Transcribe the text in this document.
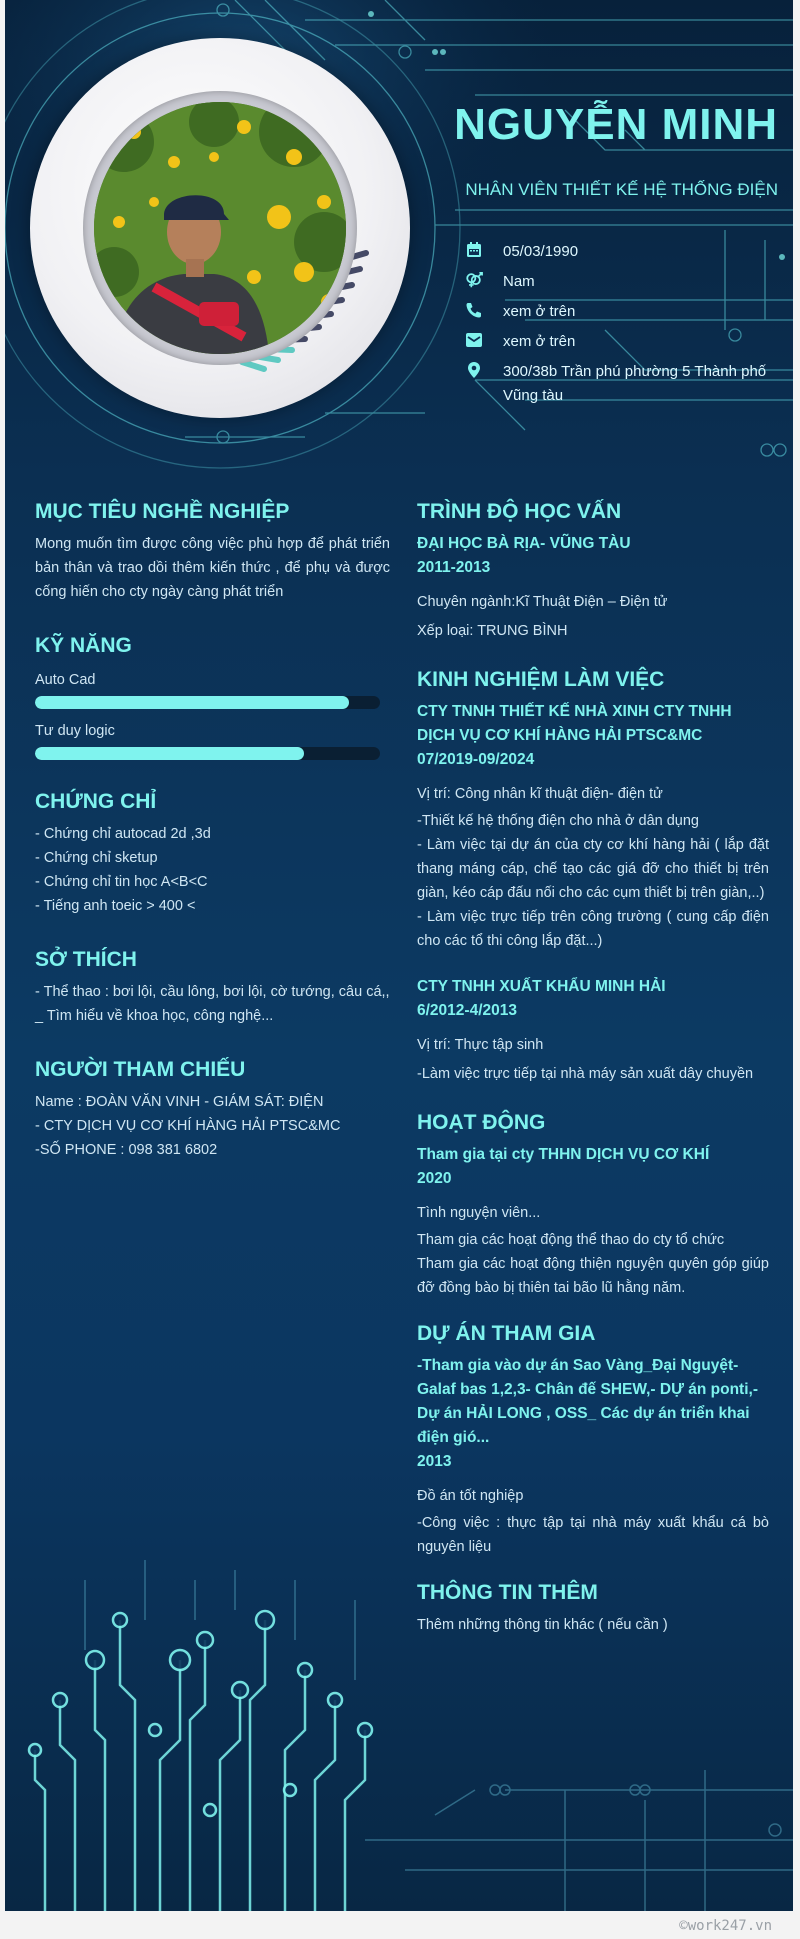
NGUYỄN MINH
NHÂN VIÊN THIẾT KẾ HỆ THỐNG ĐIỆN
05/03/1990
Nam
xem ở trên
xem ở trên
300/38b Trần phú phường 5 Thành phố Vũng tàu
MỤC TIÊU NGHỀ NGHIỆP
Mong muốn tìm được công việc phù hợp để phát triển bản thân và trao dồi thêm kiến thức , để phụ và được cống hiến cho cty ngày càng phát triển
KỸ NĂNG
Auto Cad
Tư duy logic
CHỨNG CHỈ
- Chứng chỉ autocad 2d ,3d
- Chứng chỉ sketup
- Chứng chỉ tin học A<B<C
- Tiếng anh toeic > 400 <
SỞ THÍCH
- Thể thao : bơi lội, cầu lông, bơi lội, cờ tướng, câu cá,,
_ Tìm hiểu về khoa học, công nghệ...
NGƯỜI THAM CHIẾU
Name : ĐOÀN VĂN VINH - GIÁM SÁT: ĐIỆN
- CTY DỊCH VỤ CƠ KHÍ HÀNG HẢI PTSC&MC
-SỐ PHONE : 098 381 6802
TRÌNH ĐỘ HỌC VẤN
ĐẠI HỌC BÀ RỊA- VŨNG TÀU
2011-2013
Chuyên ngành:Kĩ Thuật Điện – Điện tử
Xếp loại: TRUNG BÌNH
KINH NGHIỆM LÀM VIỆC
CTY TNNH THIẾT KẾ NHÀ XINH CTY TNHH DỊCH VỤ CƠ KHÍ HÀNG HẢI PTSC&MC
07/2019-09/2024
Vị trí: Công nhân kĩ thuật điện- điện tử
-Thiết kế hệ thống điện cho nhà ở dân dụng
- Làm việc tại dự án của cty cơ khí hàng hải ( lắp đặt thang máng cáp, chế tạo các giá đỡ cho thiết bị trên giàn, kéo cáp đấu nối cho các cụm thiết bị trên giàn,..)
- Làm việc trực tiếp trên công trường ( cung cấp điện cho các tổ thi công lắp đặt...)
CTY TNHH XUẤT KHẨU MINH HẢI
6/2012-4/2013
Vị trí: Thực tập sinh
-Làm việc trực tiếp tại nhà máy sản xuất dây chuyền
HOẠT ĐỘNG
Tham gia tại cty THHN DỊCH VỤ CƠ KHÍ
2020
Tình nguyện viên...
Tham gia các hoạt động thể thao do cty tổ chức
Tham gia các hoạt động thiện nguyện quyên góp giúp đỡ đồng bào bị thiên tai bão lũ hằng năm.
DỰ ÁN THAM GIA
-Tham gia vào dự án Sao Vàng_Đại Nguyệt- Galaf bas 1,2,3- Chân đế SHEW,- DỰ án ponti,- Dự án HẢI LONG , OSS_ Các dự án triển khai điện gió...
2013
Đồ án tốt nghiệp
-Công việc : thực tập tại nhà máy xuất khẩu cá bò nguyên liệu
THÔNG TIN THÊM
Thêm những thông tin khác ( nếu cần )
©work247.vn
